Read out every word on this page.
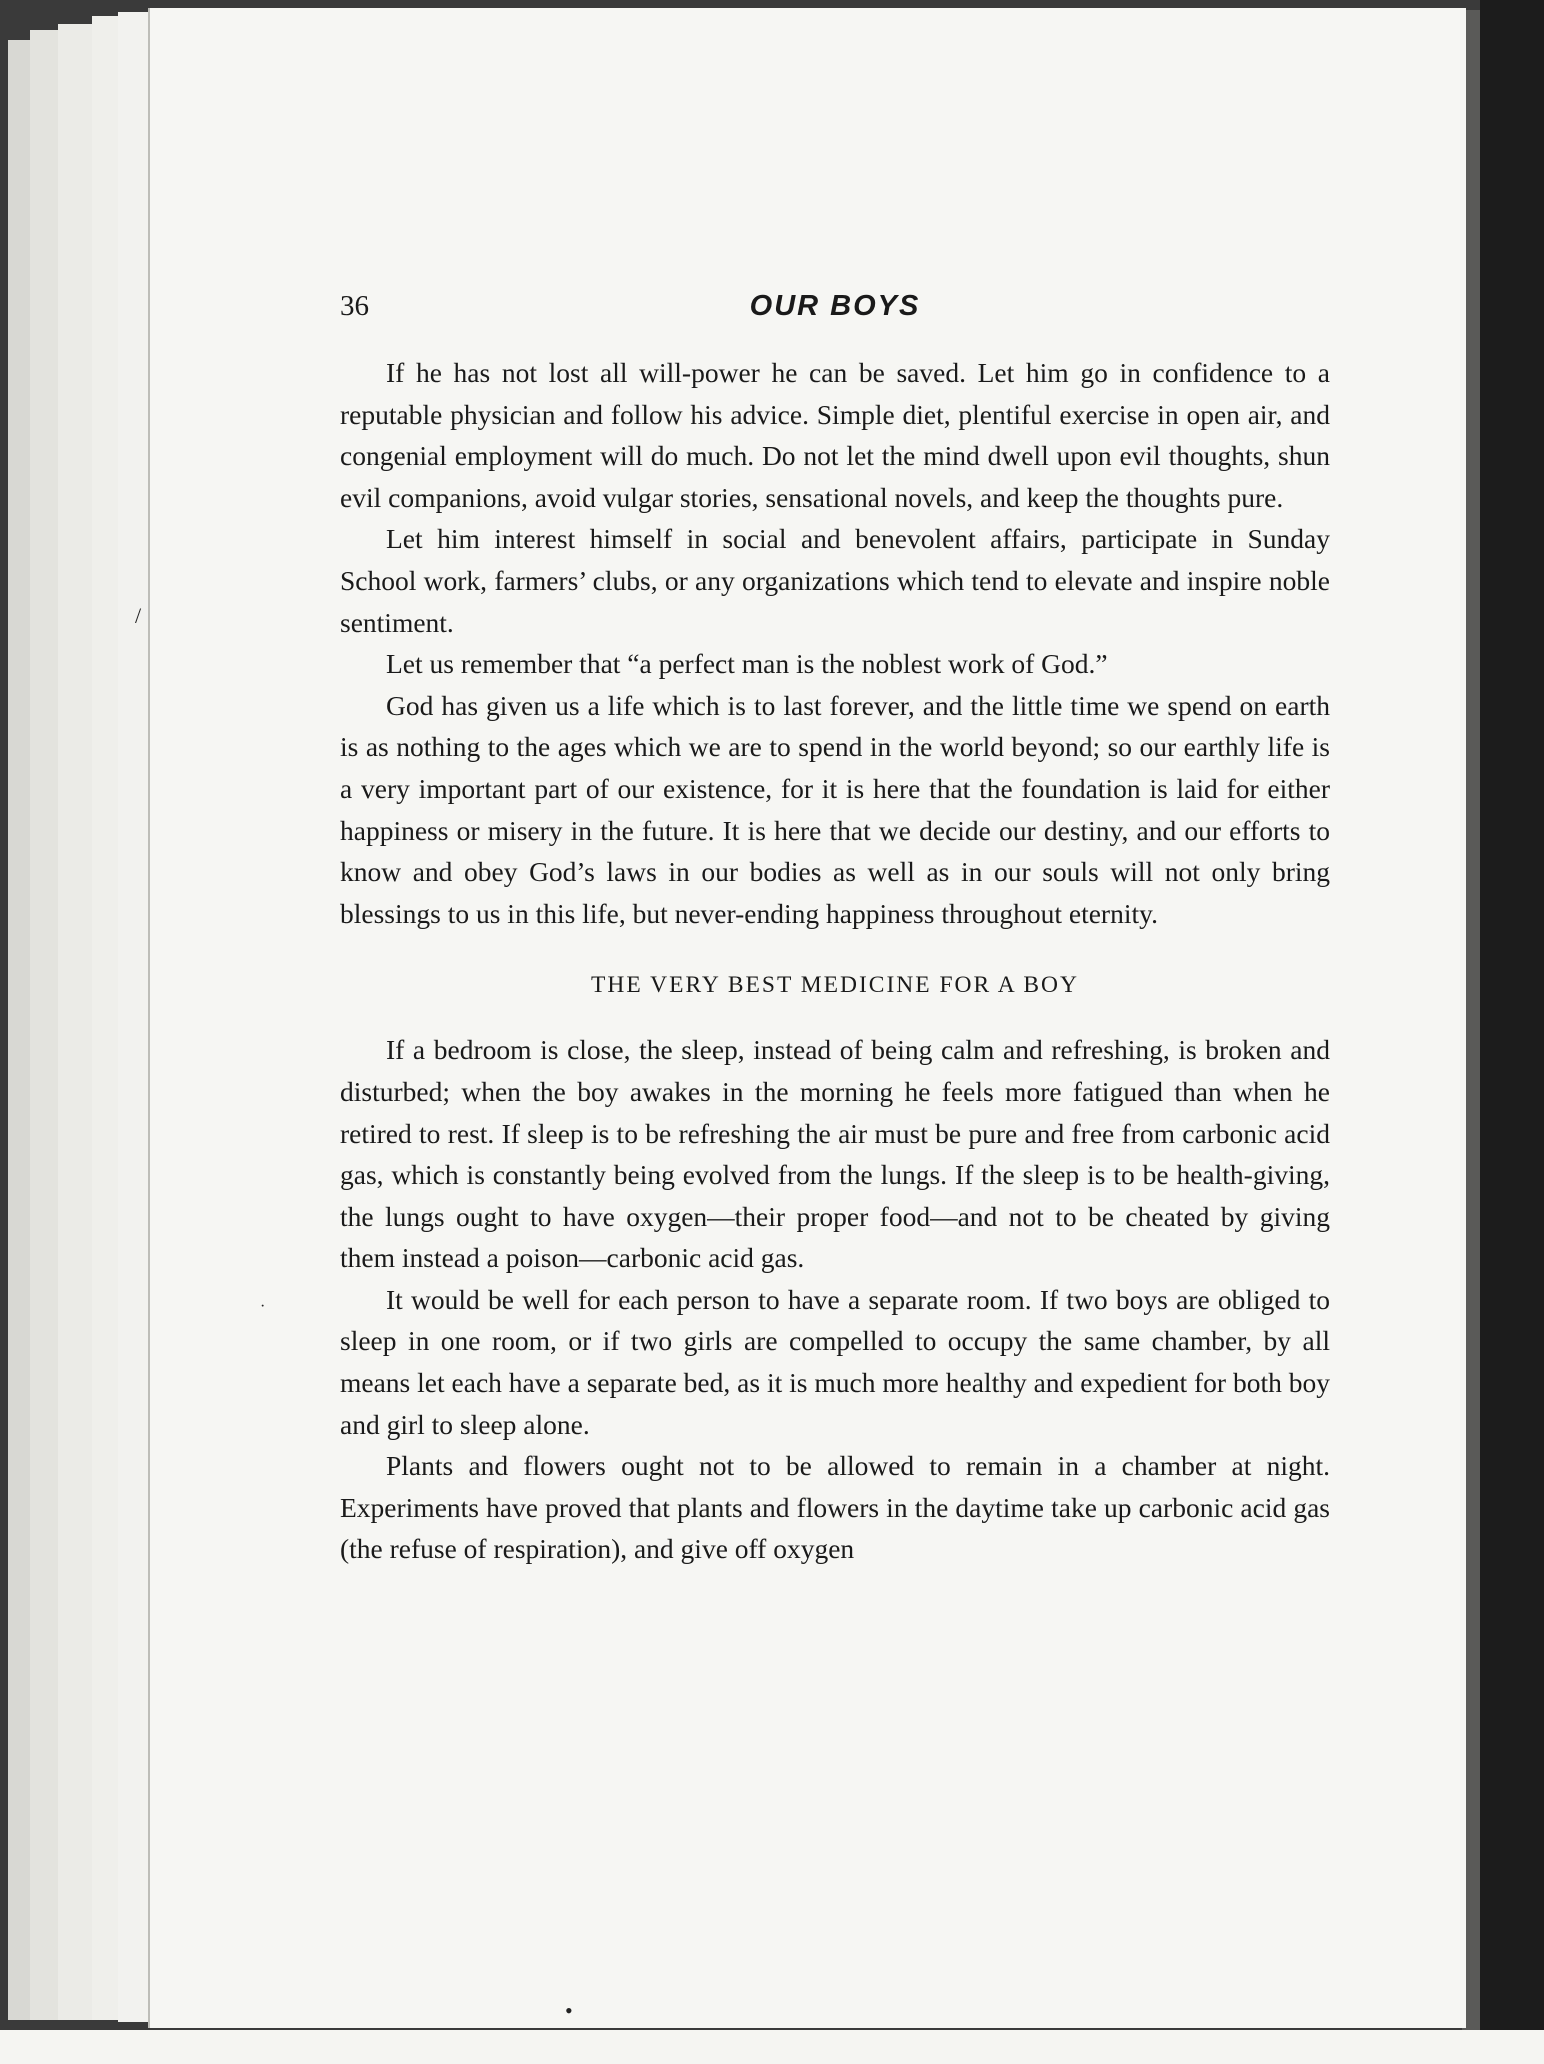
/
·
•
36	OUR BOYS

If he has not lost all will-power he can be saved. Let him go in confidence to a reputable physician and follow his advice. Simple diet, plentiful exercise in open air, and congenial employment will do much. Do not let the mind dwell upon evil thoughts, shun evil companions, avoid vulgar stories, sensational novels, and keep the thoughts pure.

Let him interest himself in social and benevolent affairs, participate in Sunday School work, farmers’ clubs, or any organizations which tend to elevate and inspire noble sentiment.

Let us remember that “a perfect man is the noblest work of God.”

God has given us a life which is to last forever, and the little time we spend on earth is as nothing to the ages which we are to spend in the world beyond; so our earthly life is a very important part of our existence, for it is here that the foundation is laid for either happiness or misery in the future. It is here that we decide our destiny, and our efforts to know and obey God’s laws in our bodies as well as in our souls will not only bring blessings to us in this life, but never-ending happiness throughout eternity.

THE VERY BEST MEDICINE FOR A BOY

If a bedroom is close, the sleep, instead of being calm and refreshing, is broken and disturbed; when the boy awakes in the morning he feels more fatigued than when he retired to rest. If sleep is to be refreshing the air must be pure and free from carbonic acid gas, which is constantly being evolved from the lungs. If the sleep is to be health-giving, the lungs ought to have oxygen—their proper food—and not to be cheated by giving them instead a poison—carbonic acid gas.

It would be well for each person to have a separate room. If two boys are obliged to sleep in one room, or if two girls are compelled to occupy the same chamber, by all means let each have a separate bed, as it is much more healthy and expedient for both boy and girl to sleep alone.

Plants and flowers ought not to be allowed to remain in a chamber at night. Experiments have proved that plants and flowers in the daytime take up carbonic acid gas (the refuse of respiration), and give off oxygen
